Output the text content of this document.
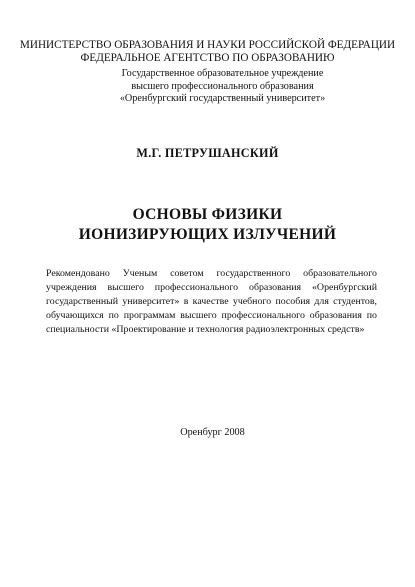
МИНИСТЕРСТВО ОБРАЗОВАНИЯ И НАУКИ РОССИЙСКОЙ ФЕДЕРАЦИИ
ФЕДЕРАЛЬНОЕ АГЕНТСТВО ПО ОБРАЗОВАНИЮ
Государственное образовательное учреждение
высшего профессионального образования
«Оренбургский государственный университет»
М.Г. ПЕТРУШАНСКИЙ
ОСНОВЫ ФИЗИКИ
ИОНИЗИРУЮЩИХ ИЗЛУЧЕНИЙ
Рекомендовано Ученым советом государственного образовательного учреждения высшего профессионального образования «Оренбургский государственный университет» в качестве учебного пособия для студентов, обучающихся по программам высшего профессионального образования по специальности «Проектирование и технология радиоэлектронных средств»
Оренбург 2008
